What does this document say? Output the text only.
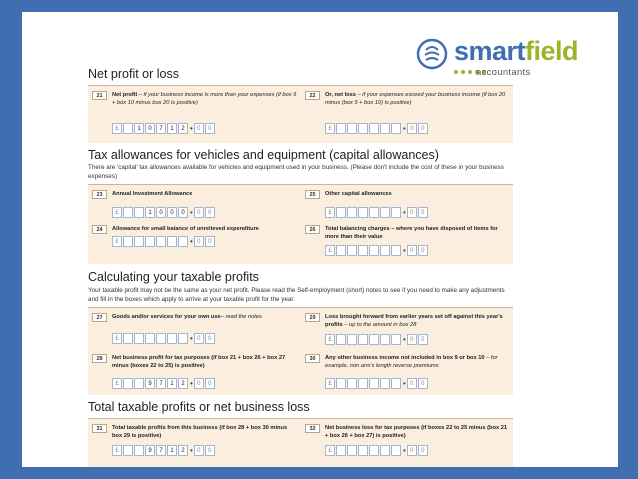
smartfield
accountants
Net profit or loss
21	Net profit – if your business income is more than your expenses (if box 9 + box 10 minus box 20 is positive)
£	1	0	7	1	2 • 0	0
22	Or, net loss – if your expenses exceed your business income (if box 20 minus (box 9 + box 10) is positive)
£	• 0	0
Tax allowances for vehicles and equipment (capital allowances)
There are 'capital' tax allowances available for vehicles and equipment used in your business. (Please don't include the cost of these in your business expenses)
23	Annual Investment Allowance
£	1	0	0	0 • 0	0
25	Other capital allowances
£	• 0	0
24	Allowance for small balance of unrelieved expenditure
£	• 0	0
26	Total balancing charges – where you have disposed of items for more than their value
£	• 0	0
Calculating your taxable profits
Your taxable profit may not be the same as your net profit. Please read the Self-employment (short) notes to see if you need to make any adjustments and fill in the boxes which apply to arrive at your taxable profit for the year.
27	Goods and/or services for your own use– read the notes
£	• 0	0
29	Loss brought forward from earlier years set off against this year's profits – up to the amount in box 28
£	• 0	0
28	Net business profit for tax purposes (if box 21 + box 26 + box 27 minus (boxes 22 to 25) is positive)
£	9	7	1	2 • 0	0
30	Any other business income not included in box 9 or box 10 – for example, non arm's length reverse premiums
£	• 0	0
Total taxable profits or net business loss
31	Total taxable profits from this business (if box 28 + box 30 minus box 29 is positive)
£	9	7	1	2 • 0	0
32	Net business loss for tax purposes (if boxes 22 to 25 minus (box 21 + box 26 + box 27) is positive)
£	• 0	0
